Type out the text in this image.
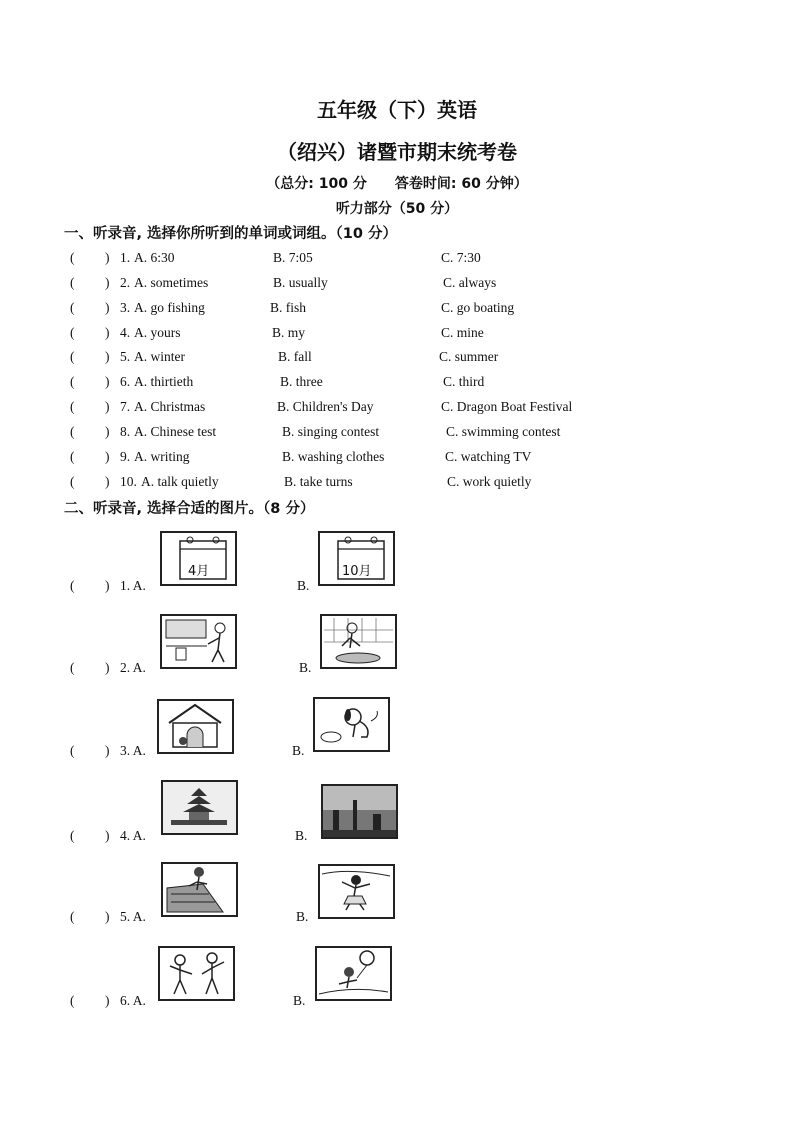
五年级（下）英语
（绍兴）诸暨市期末统考卷
（总分: 100 分　　答卷时间: 60 分钟）
听力部分（50 分）
一、听录音, 选择你所听到的单词或词组。（10 分）
( ) 1. A. 6:30	B. 7:05	C. 7:30
( ) 2. A. sometimes	B. usually	C. always
( ) 3. A. go fishing	B. fish	C. go boating
( ) 4. A. yours	B. my	C. mine
( ) 5. A. winter	B. fall	C. summer
( ) 6. A. thirtieth	B. three	C. third
( ) 7. A. Christmas	B. Children's Day	C. Dragon Boat Festival
( ) 8. A. Chinese test	B. singing contest	C. swimming contest
( ) 9. A. writing	B. washing clothes	C. watching TV
( ) 10. A. talk quietly	B. take turns	C. work quietly
二、听录音, 选择合适的图片。（8 分）
4月	10月
( ) 1. A.	B.
( ) 2. A.	B.
( ) 3. A.	B.
( ) 4. A.	B.
( ) 5. A.	B.
( ) 6. A.	B.
